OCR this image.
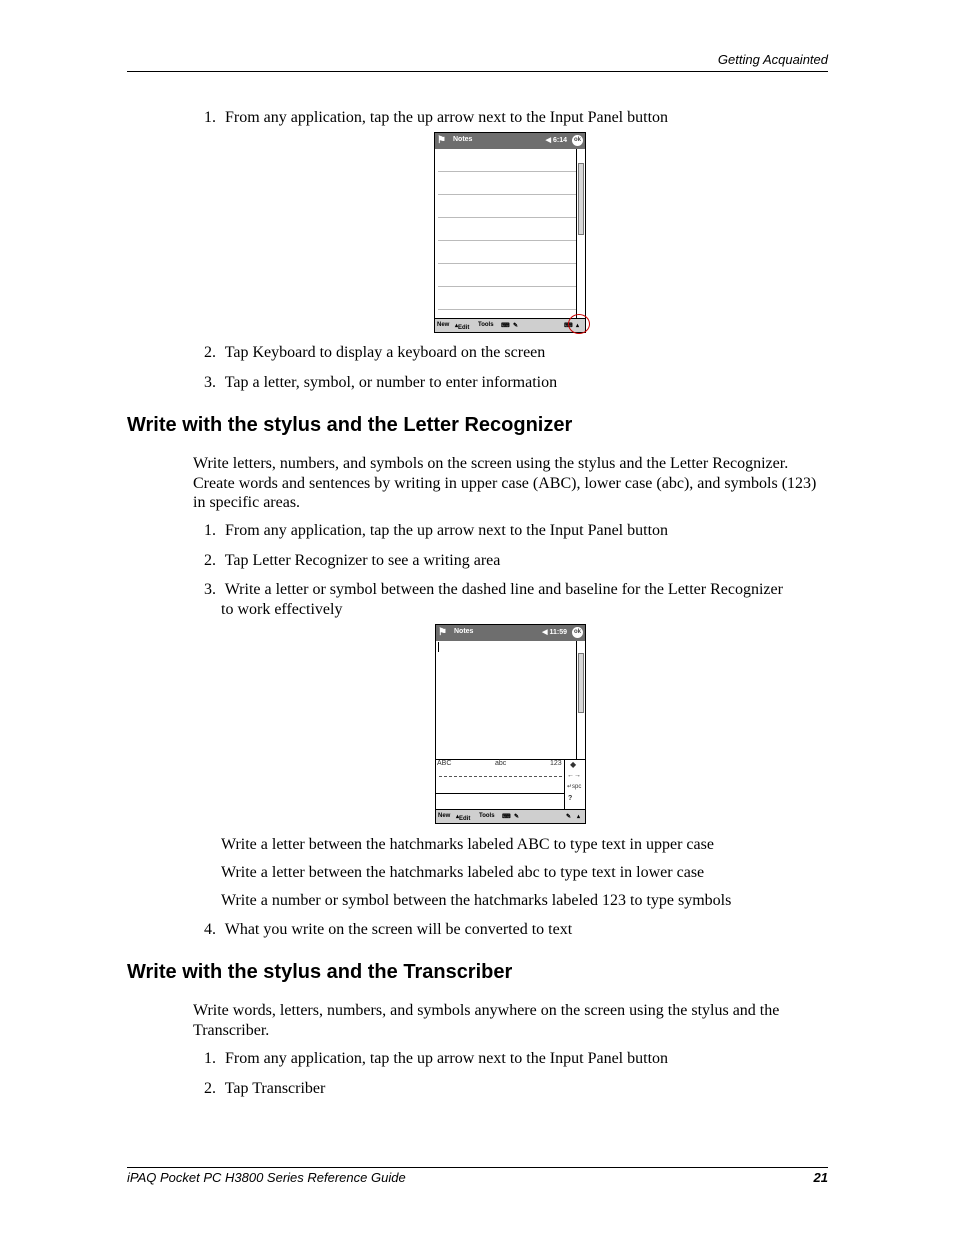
Getting Acquainted
1. From any application, tap the up arrow next to the Input Panel button
⚑	Notes	◀ 6:14	ok
New ▴ Edit Tools ⌨ ✎	⌨ ▴
2. Tap Keyboard to display a keyboard on the screen
3. Tap a letter, symbol, or number to enter information
Write with the stylus and the Letter Recognizer
Write letters, numbers, and symbols on the screen using the stylus and the Letter Recognizer. Create words and sentences by writing in upper case (ABC), lower case (abc), and symbols (123) in specific areas.
1. From any application, tap the up arrow next to the Input Panel button
2. Tap Letter Recognizer to see a writing area
3. Write a letter or symbol between the dashed line and baseline for the Letter Recognizer
to work effectively
⚑	Notes	◀ 11:59	ok
ABC	abc	123 ◆
←→
↵spc
?
New ▴ Edit Tools ⌨ ✎	✎ ▴
Write a letter between the hatchmarks labeled ABC to type text in upper case
Write a letter between the hatchmarks labeled abc to type text in lower case
Write a number or symbol between the hatchmarks labeled 123 to type symbols
4. What you write on the screen will be converted to text
Write with the stylus and the Transcriber
Write words, letters, numbers, and symbols anywhere on the screen using the stylus and the Transcriber.
1. From any application, tap the up arrow next to the Input Panel button
2. Tap Transcriber
iPAQ Pocket PC H3800 Series Reference Guide	21
